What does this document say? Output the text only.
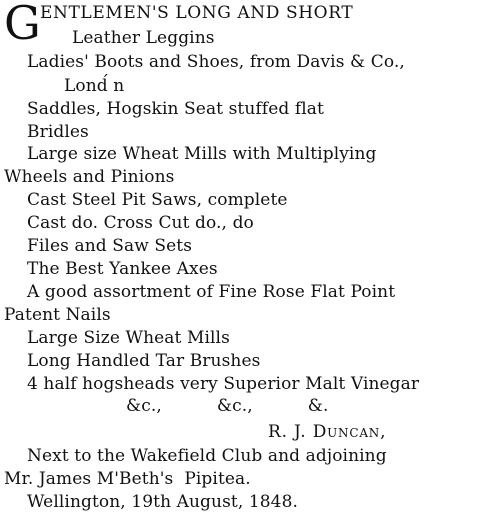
G ENTLEMEN'S LONG AND SHORT
Leather Leggins
Ladies' Boots and Shoes, from Davis & Co.,
Lond́ n
Saddles, Hogskin Seat stuffed flat
Bridles
Large size Wheat Mills with Multiplying
Wheels and Pinions
Cast Steel Pit Saws, complete
Cast do. Cross Cut do., do
Files and Saw Sets
The Best Yankee Axes
A good assortment of Fine Rose Flat Point
Patent Nails
Large Size Wheat Mills
Long Handled Tar Brushes
4 half hogsheads very Superior Malt Vinegar
&c.,          &c.,          &.
R. J. Duncan,
Next to the Wakefield Club and adjoining
Mr. James M'Beth's  Pipitea.
Wellington, 19th August, 1848.
